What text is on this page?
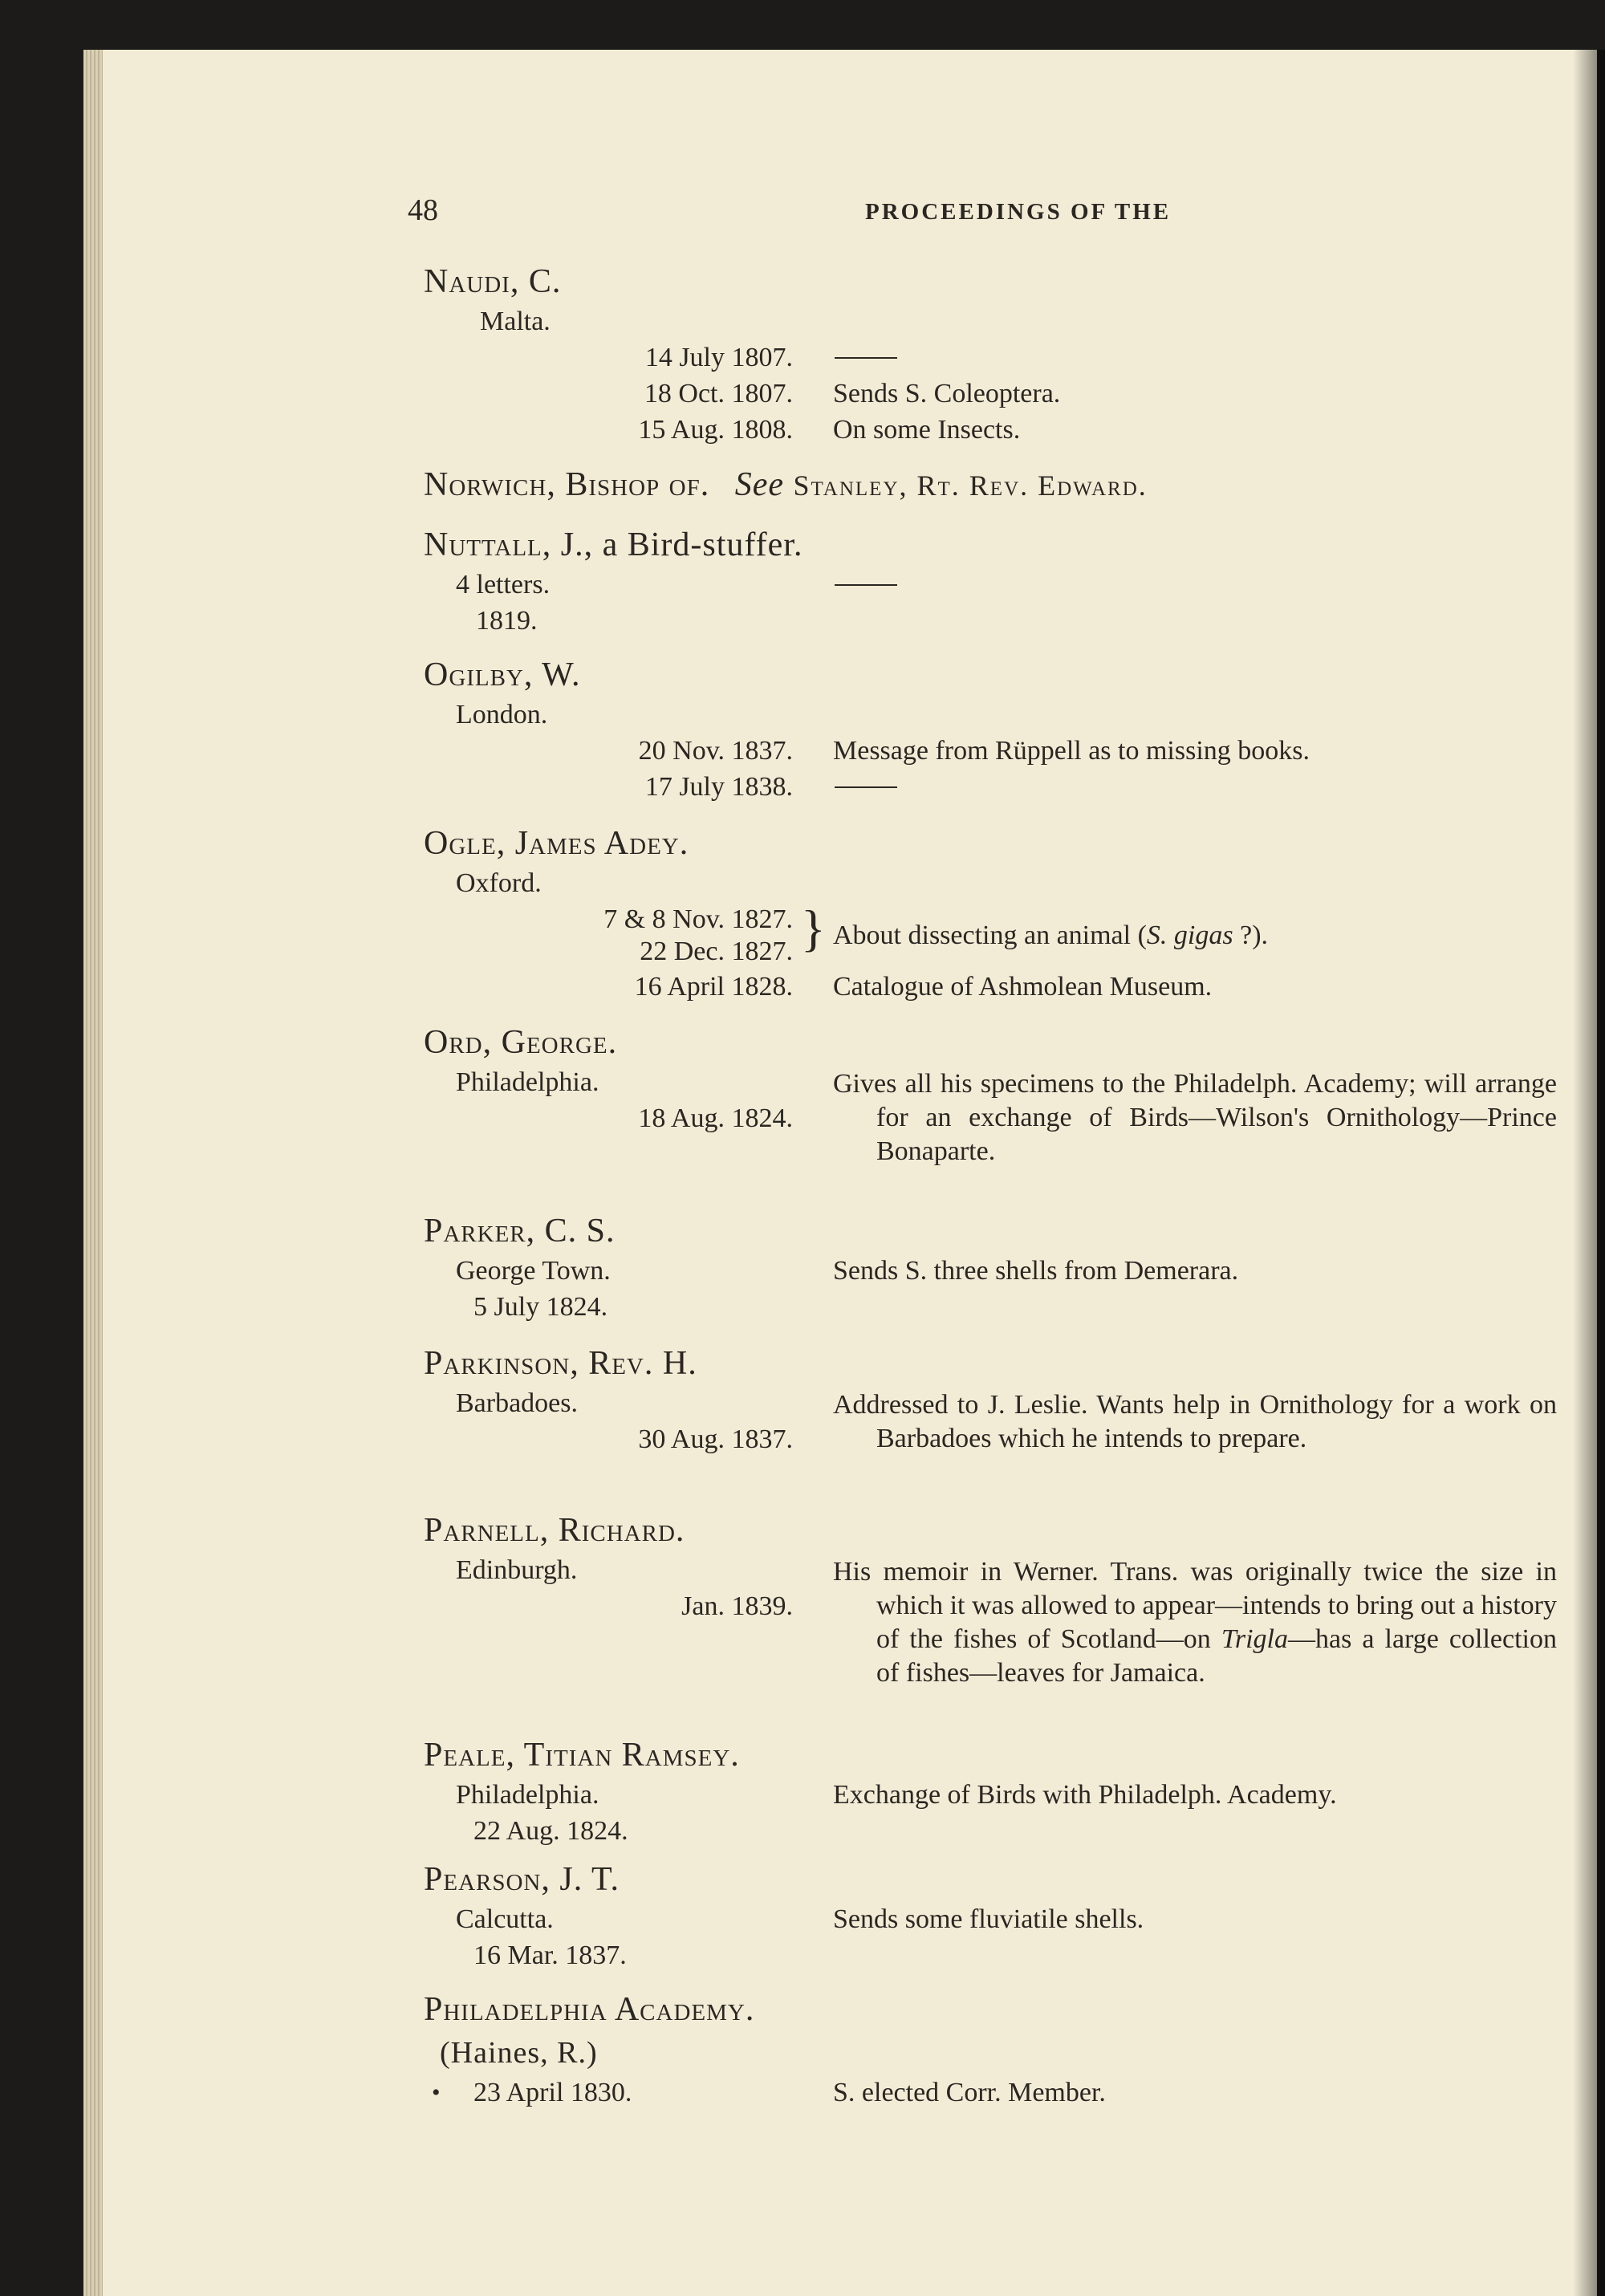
48	PROCEEDINGS OF THE
Naudi, C.
Malta.
14 July 1807.
18 Oct. 1807. Sends S. Coleoptera.
15 Aug. 1808. On some Insects.
Norwich, Bishop of. See Stanley, Rt. Rev. Edward.
Nuttall, J., a Bird-stuffer.
4 letters.
1819.
Ogilby, W.
London.
20 Nov. 1837. Message from Rüppell as to missing books.
17 July 1838.
Ogle, James Adey.
Oxford.
7 & 8 Nov. 1827. }
22 Dec. 1827.
About dissecting an animal (S. gigas ?).
16 April 1828. Catalogue of Ashmolean Museum.
Ord, George.
Philadelphia.
18 Aug. 1824.
Gives all his specimens to the Philadelph. Academy; will arrange for an exchange of Birds—Wilson's Ornithology—Prince Bonaparte.
Parker, C. S.
George Town.	Sends S. three shells from Demerara.
5 July 1824.
Parkinson, Rev. H.
Barbadoes.
30 Aug. 1837.
Addressed to J. Leslie. Wants help in Ornithology for a work on Barbadoes which he intends to prepare.
Parnell, Richard.
Edinburgh.
Jan. 1839.
His memoir in Werner. Trans. was originally twice the size in which it was allowed to appear—intends to bring out a history of the fishes of Scotland—on Trigla—has a large collection of fishes—leaves for Jamaica.
Peale, Titian Ramsey.
Philadelphia.	Exchange of Birds with Philadelph. Academy.
22 Aug. 1824.
Pearson, J. T.
Calcutta.	Sends some fluviatile shells.
16 Mar. 1837.
Philadelphia Academy.
(Haines, R.)
• 23 April 1830.	S. elected Corr. Member.
